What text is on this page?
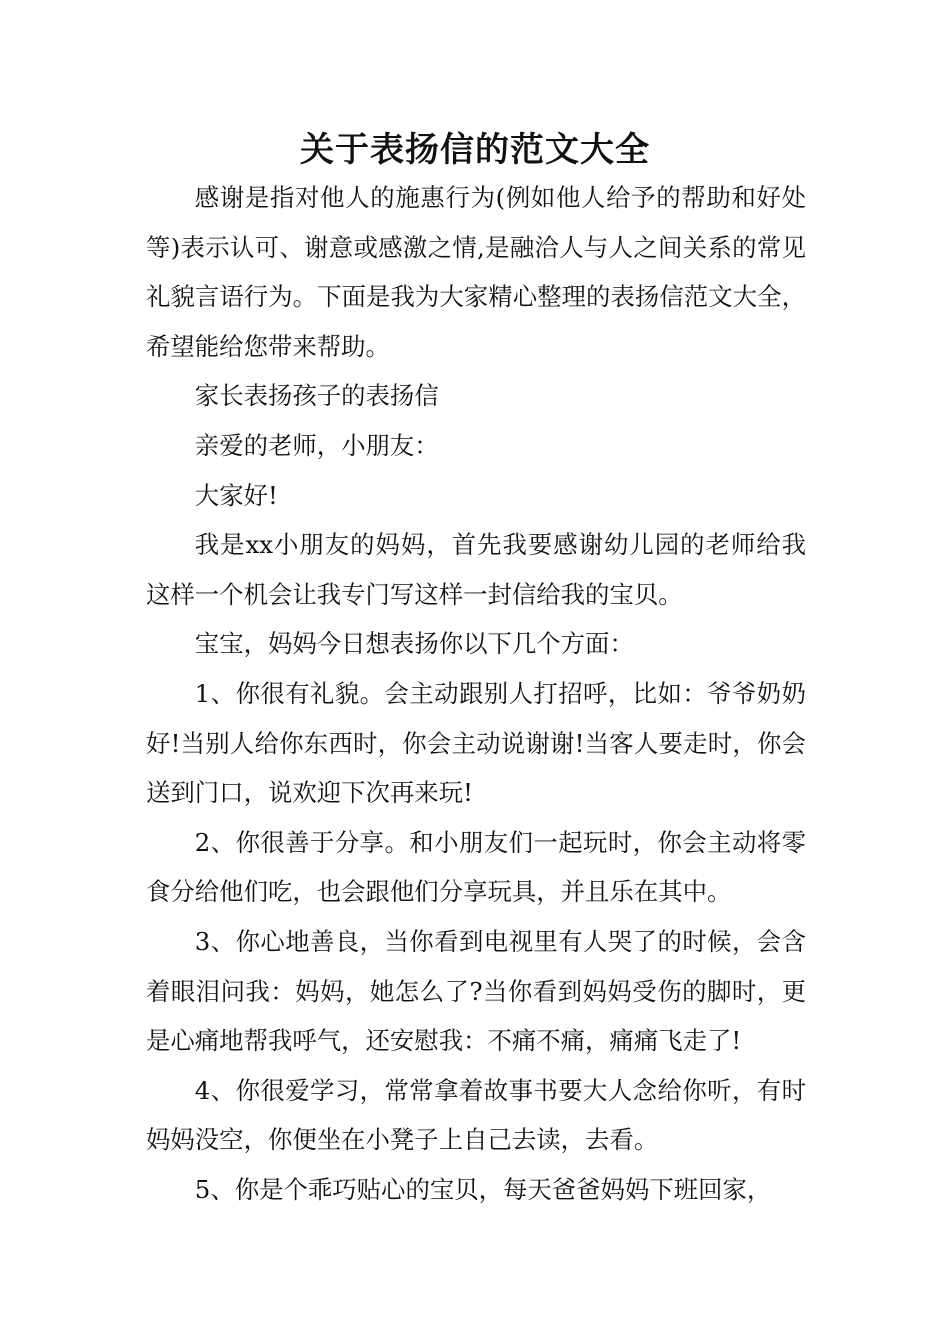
关于表扬信的范文大全

感谢是指对他人的施惠行为(例如他人给予的帮助和好处等)表示认可、谢意或感激之情,是融洽人与人之间关系的常见礼貌言语行为。下面是我为大家精心整理的表扬信范文大全，希望能给您带来帮助。

家长表扬孩子的表扬信

亲爱的老师，小朋友：

大家好!

我是xx小朋友的妈妈，首先我要感谢幼儿园的老师给我这样一个机会让我专门写这样一封信给我的宝贝。

宝宝，妈妈今日想表扬你以下几个方面：

1、你很有礼貌。会主动跟别人打招呼，比如：爷爷奶奶好!当别人给你东西时，你会主动说谢谢!当客人要走时，你会送到门口，说欢迎下次再来玩!

2、你很善于分享。和小朋友们一起玩时，你会主动将零食分给他们吃，也会跟他们分享玩具，并且乐在其中。

3、你心地善良，当你看到电视里有人哭了的时候，会含着眼泪问我：妈妈，她怎么了?当你看到妈妈受伤的脚时，更是心痛地帮我呼气，还安慰我：不痛不痛，痛痛飞走了!

4、你很爱学习，常常拿着故事书要大人念给你听，有时妈妈没空，你便坐在小凳子上自己去读，去看。

5、你是个乖巧贴心的宝贝，每天爸爸妈妈下班回家，
